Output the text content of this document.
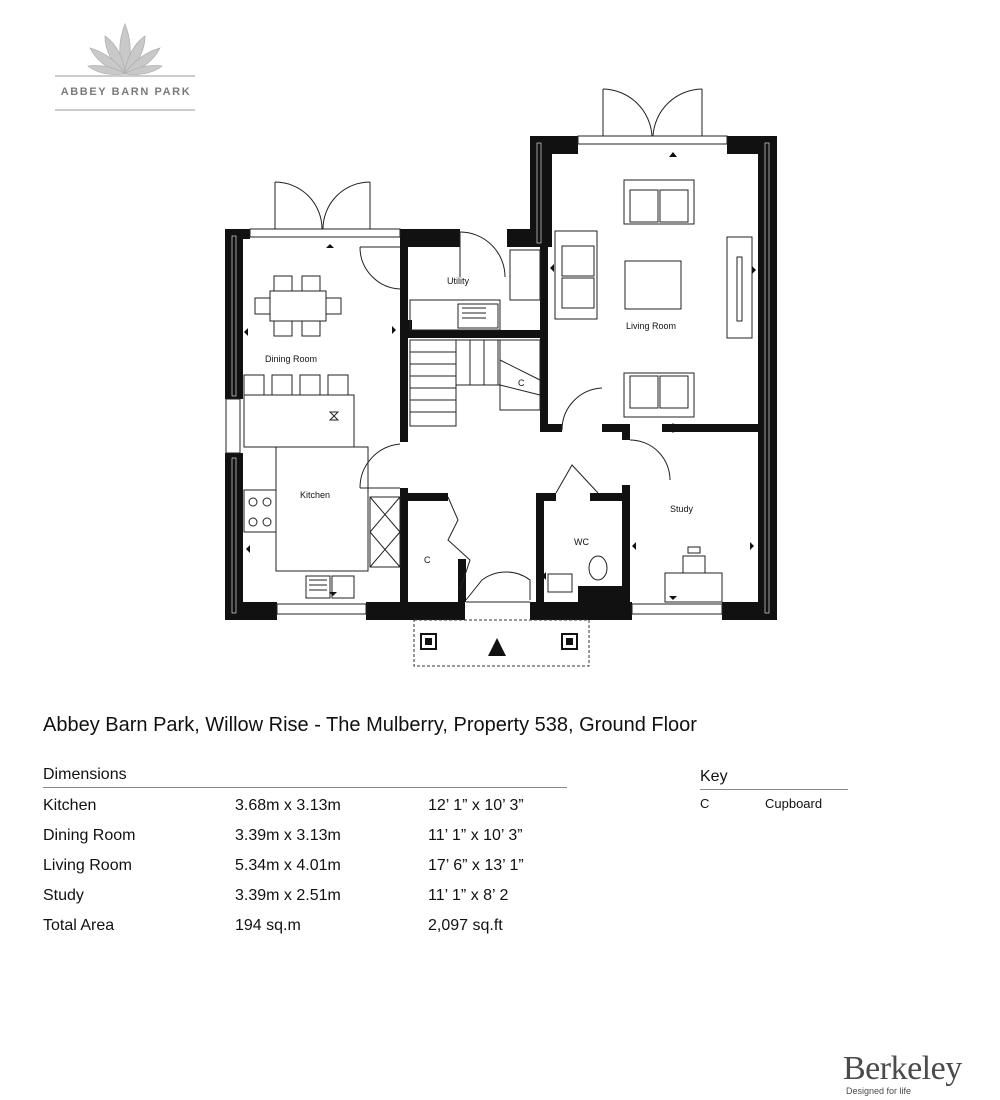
ABBEY BARN PARK
Utility
Living Room
Dining Room
Kitchen
Study
WC
C
C
Abbey Barn Park, Willow Rise - The Mulberry, Property 538, Ground Floor
Dimensions
Kitchen	3.68m x 3.13m	12’ 1” x 10’ 3”
Dining Room	3.39m x 3.13m	11’ 1” x 10’ 3”
Living Room	5.34m x 4.01m	17’ 6” x 13’ 1”
Study	3.39m x 2.51m	11’ 1” x 8’ 2
Total Area	194 sq.m	2,097 sq.ft
Key
C	Cupboard
Berkeley
Designed for life
